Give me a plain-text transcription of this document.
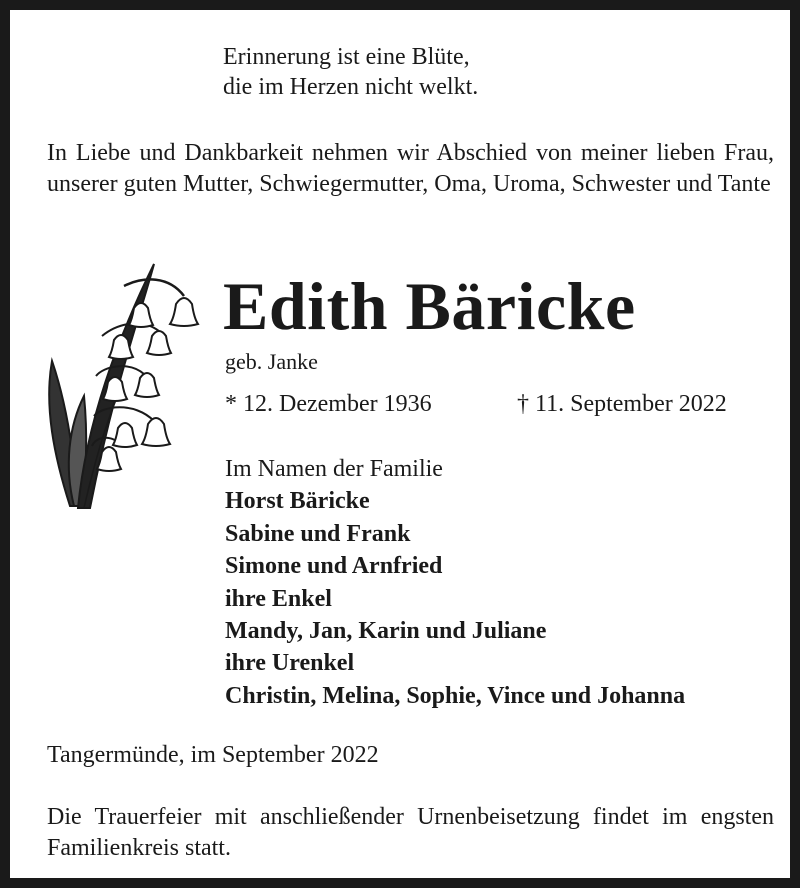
Erinnerung ist eine Blüte,
die im Herzen nicht welkt.
In Liebe und Dankbarkeit nehmen wir Abschied von meiner lieben Frau, unserer guten Mutter, Schwiegermutter, Oma, Uroma, Schwester und Tante
Edith Bäricke
geb. Janke
* 12. Dezember 1936	† 11. September 2022
Im Namen der Familie
Horst Bäricke
Sabine und Frank
Simone und Arnfried
ihre Enkel
Mandy, Jan, Karin und Juliane
ihre Urenkel
Christin, Melina, Sophie, Vince und Johanna
Tangermünde, im September 2022
Die Trauerfeier mit anschließender Urnenbeisetzung findet im engsten Familienkreis statt.
